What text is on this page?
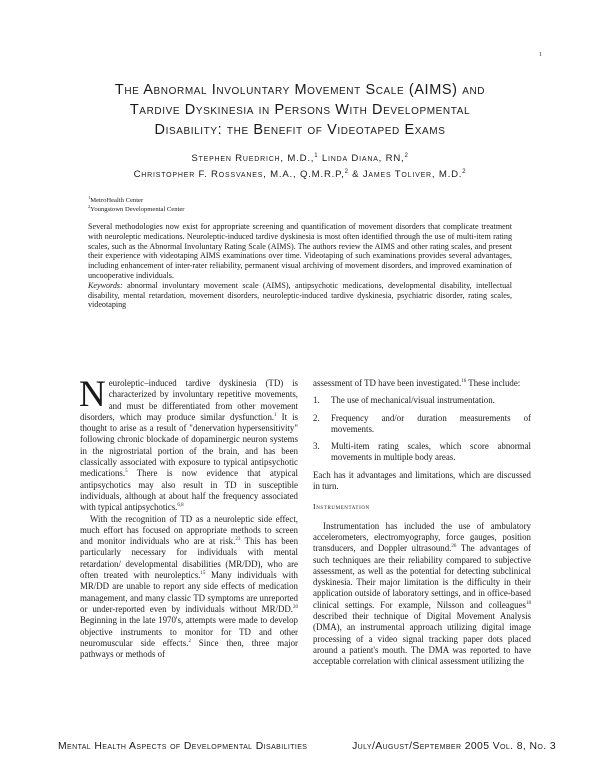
1
The Abnormal Involuntary Movement Scale (AIMS) and
Tardive Dyskinesia in Persons With Developmental
Disability: the Benefit of Videotaped Exams
Stephen Ruedrich, M.D.,$^1$ Linda Diana, RN,$^2$
Christopher F. Rossvanes, M.A., Q.M.R.P,$^2$ & James Toliver, M.D.$^2$
$^1$MetroHealth Center
$^2$Youngstown Developmental Center

Several methodologies now exist for appropriate screening and quantification of movement disorders that complicate treatment with neuroleptic medications. Neuroleptic-induced tardive dyskinesia is most often identified through the use of multi-item rating scales, such as the Abnormal Involuntary Rating Scale (AIMS). The authors review the AIMS and other rating scales, and present their experience with videotaping AIMS examinations over time. Videotaping of such examinations provides several advantages, including enhancement of inter-rater reliability, permanent visual archiving of movement disorders, and improved examination of uncooperative individuals.

Keywords: abnormal involuntary movement scale (AIMS), antipsychotic medications, developmental disability, intellectual disability, mental retardation, movement disorders, neuroleptic-induced tardive dyskinesia, psychiatric disorder, rating scales, videotaping

Neuroleptic–induced tardive dyskinesia (TD) is characterized by involuntary repetitive movements, and must be differentiated from other movement disorders, which may produce similar dysfunction.$^1$ It is thought to arise as a result of "denervation hypersensitivity" following chronic blockade of dopaminergic neuron systems in the nigrostriatal portion of the brain, and has been classically associated with exposure to typical antipsychotic medications.$^5$ There is now evidence that atypical antipsychotics may also result in TD in susceptible individuals, although at about half the frequency associated with typical antipsychotics.$^{6,8}$

With the recognition of TD as a neuroleptic side effect, much effort has focused on appropriate methods to screen and monitor individuals who are at risk.$^{23}$ This has been particularly necessary for individuals with mental retardation/ developmental disabilities (MR/DD), who are often treated with neuroleptics.$^{15}$ Many individuals with MR/DD are unable to report any side effects of medication management, and many classic TD symptoms are unreported or under-reported even by individuals without MR/DD.$^{20}$ Beginning in the late 1970's, attempts were made to develop objective instruments to monitor for TD and other neuromuscular side effects.$^2$ Since then, three major pathways or methods of

assessment of TD have been investigated.$^{16}$ These include:

1. The use of mechanical/visual instrumentation.
2. Frequency and/or duration measurements of movements.
3. Multi-item rating scales, which score abnormal movements in multiple body areas.

Each has it advantages and limitations, which are discussed in turn.

Instrumentation

Instrumentation has included the use of ambulatory accelerometers, electromyography, force gauges, position transducers, and Doppler ultrasound.$^{26}$ The advantages of such techniques are their reliability compared to subjective assessment, as well as the potential for detecting subclinical dyskinesia. Their major limitation is the difficulty in their application outside of laboratory settings, and in office-based clinical settings. For example, Nilsson and colleagues$^{18}$ described their technique of Digital Movement Analysis (DMA), an instrumental approach utilizing digital image processing of a video signal tracking paper dots placed around a patient's mouth. The DMA was reported to have acceptable correlation with clinical assessment utilizing the

Mental Health Aspects of Developmental Disabilities	July/August/September 2005 Vol. 8, No. 3
